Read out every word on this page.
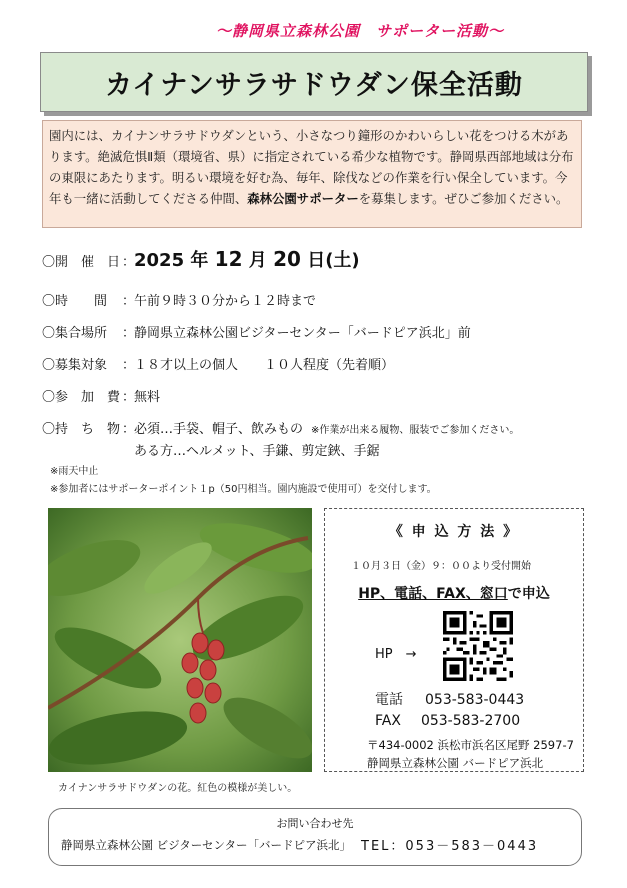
〜静岡県立森林公園　サポーター活動〜
カイナンサラサドウダン保全活動
園内には、カイナンサラサドウダンという、小さなつり鐘形のかわいらしい花をつける木があります。絶滅危惧Ⅱ類（環境省、県）に指定されている希少な植物です。静岡県西部地域は分布の東限にあたります。明るい環境を好む為、毎年、除伐などの作業を行い保全しています。今年も一緒に活動してくださる仲間、森林公園サポーターを募集します。ぜひご参加ください。
〇開　催　日 ：
2025 年 12 月 20 日(土)
〇時　　間	：
午前９時３０分から１２時まで
〇集合場所	：
静岡県立森林公園ビジターセンター「バードピア浜北」前
〇募集対象	：
１８才以上の個人　　１０人程度（先着順）
〇参　加　費 ：
無料
〇持　ち　物 ：
必須…手袋、帽子、飲みもの ※作業が出来る履物、服装でご参加ください。
ある方…ヘルメット、手鎌、剪定鋏、手鋸
※雨天中止
※参加者にはサポーターポイント１p（50円相当。園内施設で使用可）を交付します。
カイナンサラサドウダンの花。紅色の模様が美しい。
《 申 込 方 法 》
１０月３日（金）９：００より受付開始
HP、電話、FAX、窓口で申込
HP　→
電話 053-583-0443
FAX 053-583-2700
〒434-0002 浜松市浜名区尾野 2597-7
静岡県立森林公園 バードピア浜北
お問い合わせ先
静岡県立森林公園 ビジターセンター「バードピア浜北」 TEL：053－583－0443
